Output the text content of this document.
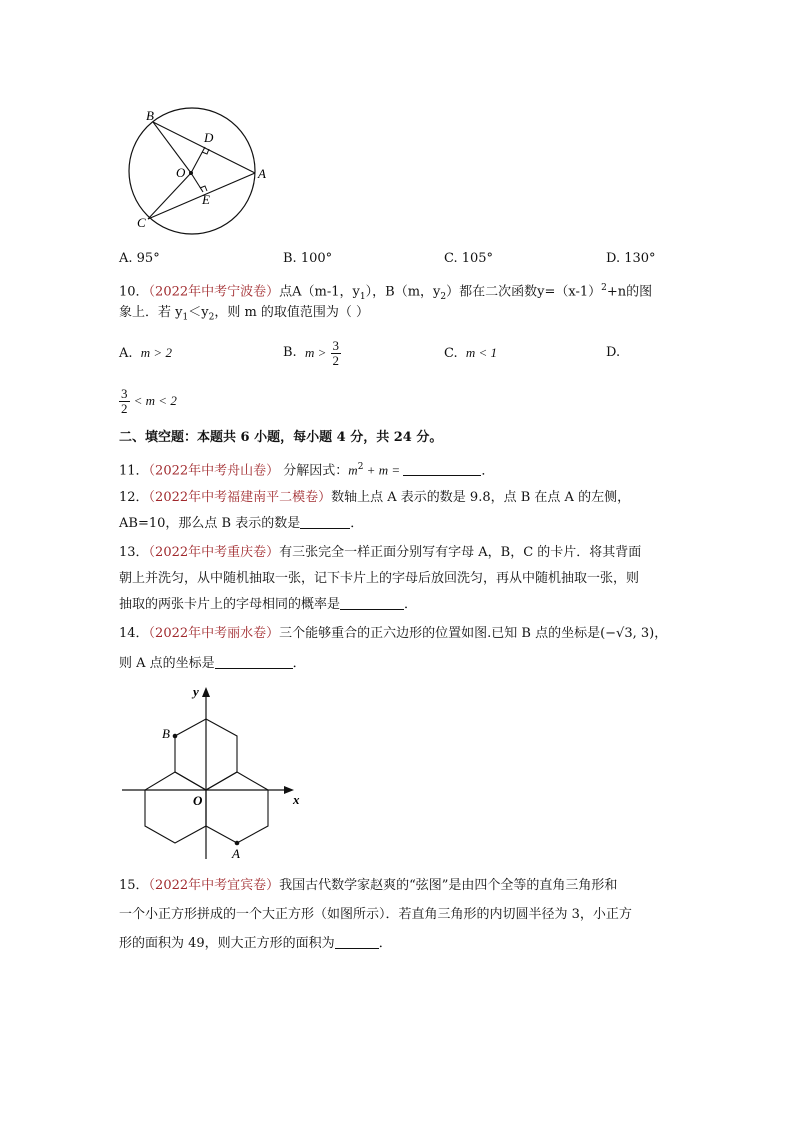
B
D
O	A
E
C
A. 95°	B. 100°	C. 105°	D. 130°
10．（2022年中考宁波卷）点A（m-1，$y_1$），B（m，$y_2$）都在二次函数$y=(x-1)^2+n$的图
象上．若 $y_1<y_2$，则 m 的取值范围为（ ）
A. m > 2	B.
m >
$\frac{3}{2}$	C. m < 1	D.
$\frac{3}{2}$
< m < 2
二、填空题：本题共 6 小题，每小题 4 分，共 24 分。
11．（2022年中考舟山卷） 分解因式：$m^2 + m$ =	．
12．（2022年中考福建南平二模卷）数轴上点 A 表示的数是 9.8，点 B 在点 A 的左侧，
AB=10，那么点 B 表示的数是	．
13．（2022年中考重庆卷）有三张完全一样正面分别写有字母 A，B，C 的卡片．将其背面
朝上并洗匀，从中随机抽取一张，记下卡片上的字母后放回洗匀，再从中随机抽取一张，则
抽取的两张卡片上的字母相同的概率是	．
14．（2022年中考丽水卷）三个能够重合的正六边形的位置如图.已知 B 点的坐标是(−√3, 3)，
则 A 点的坐标是	．
y
x
O
B
A
15．（2022年中考宜宾卷）我国古代数学家赵爽的“弦图”是由四个全等的直角三角形和
一个小正方形拼成的一个大正方形（如图所示）．若直角三角形的内切圆半径为 3，小正方
形的面积为 49，则大正方形的面积为	．
